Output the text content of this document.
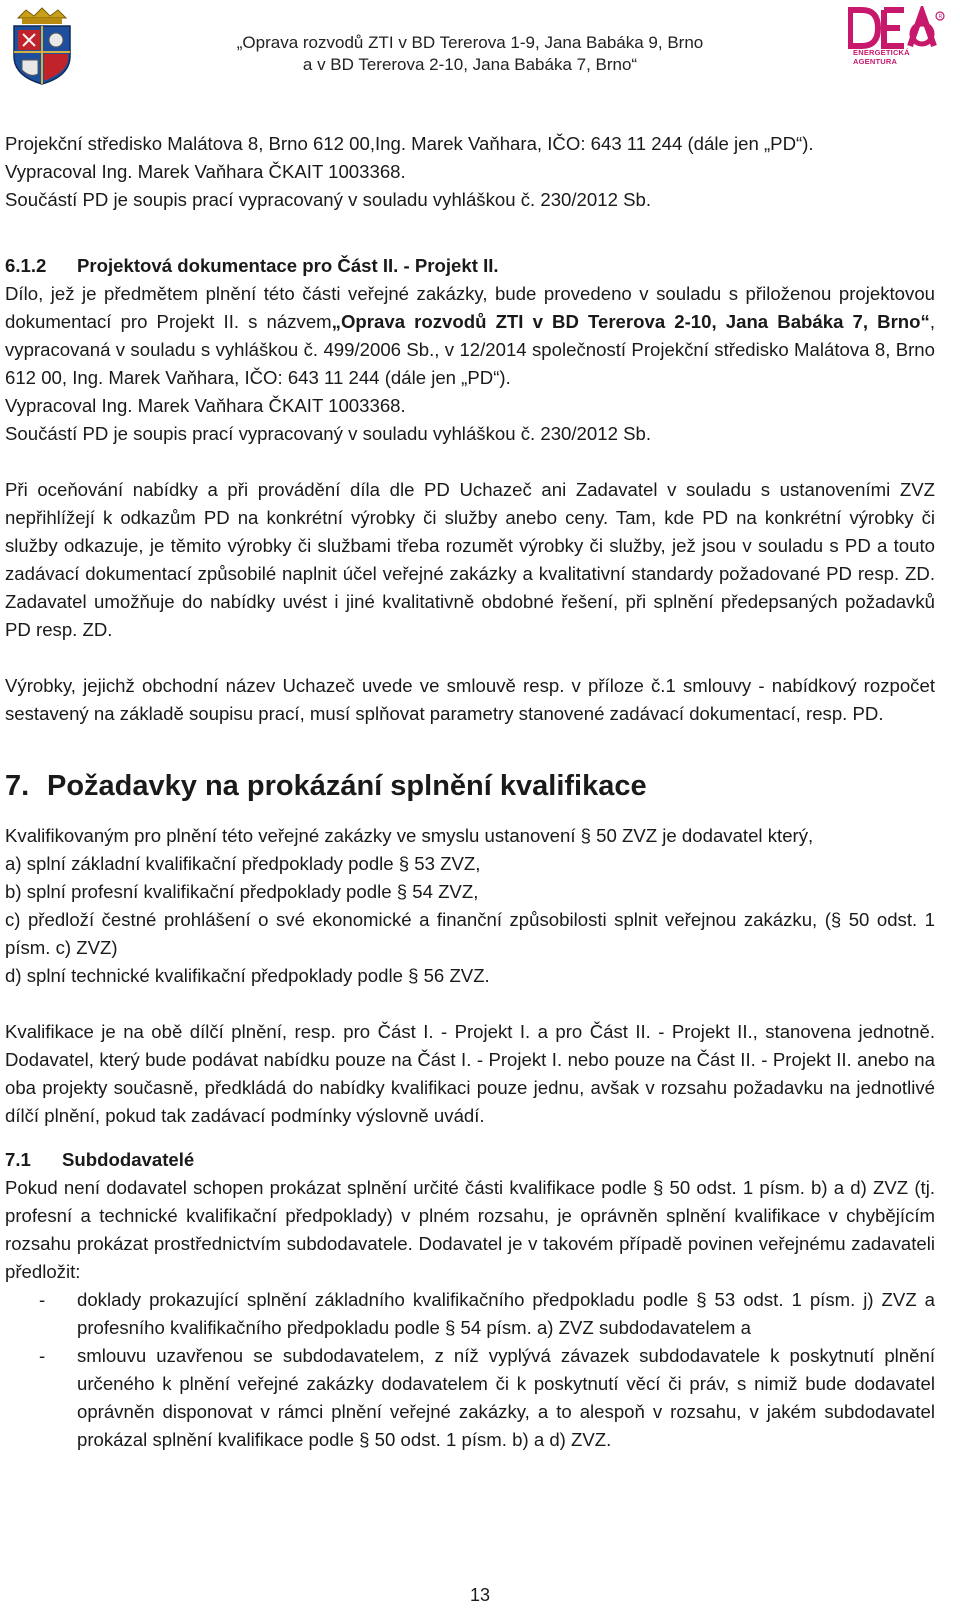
„Oprava rozvodů ZTI v BD Tererova 1-9, Jana Babáka 9, Brno
a v BD Tererova 2-10, Jana Babáka 7, Brno“
R
ENERGETICKÁ
AGENTURA

Projekční středisko Malátova 8, Brno 612 00,Ing. Marek Vaňhara, IČO: 643 11 244 (dále jen „PD“).

Vypracoval Ing. Marek Vaňhara ČKAIT 1003368.

Součástí PD je soupis prací vypracovaný v souladu vyhláškou č. 230/2012 Sb.

6.1.2 Projektová dokumentace pro Část II. - Projekt II.

Dílo, jež je předmětem plnění této části veřejné zakázky, bude provedeno v souladu s přiloženou projektovou dokumentací pro Projekt II. s názvem„Oprava rozvodů ZTI v BD Tererova 2-10, Jana Babáka 7, Brno“, vypracovaná v souladu s vyhláškou č. 499/2006 Sb., v 12/2014 společností Projekční středisko Malátova 8, Brno 612 00, Ing. Marek Vaňhara, IČO: 643 11 244 (dále jen „PD“).

Vypracoval Ing. Marek Vaňhara ČKAIT 1003368.

Součástí PD je soupis prací vypracovaný v souladu vyhláškou č. 230/2012 Sb.

Při oceňování nabídky a při provádění díla dle PD Uchazeč ani Zadavatel v souladu s ustanoveními ZVZ nepřihlížejí k odkazům PD na konkrétní výrobky či služby anebo ceny. Tam, kde PD na konkrétní výrobky či služby odkazuje, je těmito výrobky či službami třeba rozumět výrobky či služby, jež jsou v souladu s PD a touto zadávací dokumentací způsobilé naplnit účel veřejné zakázky a kvalitativní standardy požadované PD resp. ZD. Zadavatel umožňuje do nabídky uvést i jiné kvalitativně obdobné řešení, při splnění předepsaných požadavků PD resp. ZD.

Výrobky, jejichž obchodní název Uchazeč uvede ve smlouvě resp. v příloze č.1 smlouvy - nabídkový rozpočet sestavený na základě soupisu prací, musí splňovat parametry stanovené zadávací dokumentací, resp. PD.

7. Požadavky na prokázání splnění kvalifikace

Kvalifikovaným pro plnění této veřejné zakázky ve smyslu ustanovení § 50 ZVZ je dodavatel který,

a) splní základní kvalifikační předpoklady podle § 53 ZVZ,

b) splní profesní kvalifikační předpoklady podle § 54 ZVZ,

c) předloží čestné prohlášení o své ekonomické a finanční způsobilosti splnit veřejnou zakázku, (§ 50 odst. 1 písm. c) ZVZ)

d) splní technické kvalifikační předpoklady podle § 56 ZVZ.

Kvalifikace je na obě dílčí plnění, resp. pro Část I. - Projekt I. a pro Část II. - Projekt II., stanovena jednotně. Dodavatel, který bude podávat nabídku pouze na Část I. - Projekt I. nebo pouze na Část II. - Projekt II. anebo na oba projekty současně, předkládá do nabídky kvalifikaci pouze jednu, avšak v rozsahu požadavku na jednotlivé dílčí plnění, pokud tak zadávací podmínky výslovně uvádí.

7.1 Subdodavatelé

Pokud není dodavatel schopen prokázat splnění určité části kvalifikace podle § 50 odst. 1 písm. b) a d) ZVZ (tj. profesní a technické kvalifikační předpoklady) v plném rozsahu, je oprávněn splnění kvalifikace v chybějícím rozsahu prokázat prostřednictvím subdodavatele. Dodavatel je v takovém případě povinen veřejnému zadavateli předložit:

- doklady prokazující splnění základního kvalifikačního předpokladu podle § 53 odst. 1 písm. j) ZVZ a profesního kvalifikačního předpokladu podle § 54 písm. a) ZVZ subdodavatelem a
- smlouvu uzavřenou se subdodavatelem, z níž vyplývá závazek subdodavatele k poskytnutí plnění určeného k plnění veřejné zakázky dodavatelem či k poskytnutí věcí či práv, s nimiž bude dodavatel oprávněn disponovat v rámci plnění veřejné zakázky, a to alespoň v rozsahu, v jakém subdodavatel prokázal splnění kvalifikace podle § 50 odst. 1 písm. b) a d) ZVZ.
13
